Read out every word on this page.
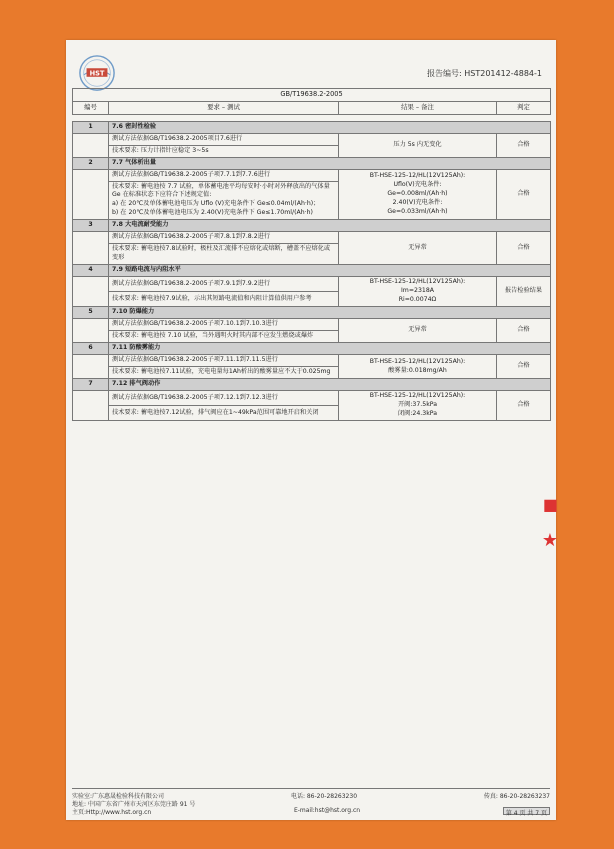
HST	报告编号: HST201412-4884-1
GB/T19638.2-2005			
编号	要求 – 测试	结果 – 备注	判定

1	7.6 密封性检验		
	测试方法依据GB/T19638.2-2005项目7.6进行	压力 5s 内无变化	合格
	技术要求: 压力计指针应稳定 3~5s		
2	7.7 气体析出量		
	测试方法依据GB/T19638.2-2005子项7.7.1到7.7.6进行	BT-HSE-125-12/HL(12V125Ah):
Uflo(V)充电条件:
Ge=0.008ml/(Ah·h)
2.40(V)充电条件:
Ge=0.033ml/(Ah·h)	合格

	技术要求: 蓄电池按 7.7 试验，单体蓄电池平均每安时·小时对外释放出的气体量 Ge 在标准状态下应符合下述规定值:
a) 在 20℃及单体蓄电池电压为 Uflo (V)充电条件下 Ge≤0.04ml/(Ah·h)；
b) 在 20℃及单体蓄电池电压为 2.40(V)充电条件下 Ge≤1.70ml/(Ah·h)		

3	7.8 大电流耐受能力		
	测试方法依据GB/T19638.2-2005子项7.8.1到7.8.2进行	无异常	合格
	技术要求: 蓄电池按7.8试验时，极柱及汇流排不应熔化或熔断，槽盖不应熔化或变形		
4	7.9 短路电流与内阻水平		
	测试方法依据GB/T19638.2-2005子项7.9.1到7.9.2进行	BT-HSE-125-12/HL(12V125Ah):
Im=2318A
Ri=0.0074Ω	报告检验结果
	技术要求: 蓄电池按7.9试验，示出其短路电流值和内阻计算值供用户参考		
5	7.10 防爆能力		
	测试方法依据GB/T19638.2-2005子项7.10.1到7.10.3进行	无异常	合格
	技术要求: 蓄电池按 7.10 试验，当外遇明火时其内部不应发生燃烧或爆炸		
6	7.11 防酸雾能力		
	测试方法依据GB/T19638.2-2005子项7.11.1到7.11.5进行	BT-HSE-125-12/HL(12V125Ah):
酸雾量:0.018mg/Ah	合格
	技术要求: 蓄电池按7.11试验，充电电量每1Ah析出的酸雾量应不大于0.025mg		
7	7.12 排气阀动作		
	测试方法依据GB/T19638.2-2005子项7.12.1到7.12.3进行	BT-HSE-125-12/HL(12V125Ah):
开阀:37.5kPa
闭阀:24.3kPa	合格
	技术要求: 蓄电池按7.12试验，排气阀应在1~49kPa范围可靠地开启和关闭		
实验室:广东惠晟检验科技有限公司	电话: 86-20-28263230	传真: 86-20-28263237
地址: 中国广东省广州市天河区东莞庄路 91 号
主页:Http://www.hst.org.cn	E-mail:hst@hst.org.cn	第 4 页 共 7 页
■
★
